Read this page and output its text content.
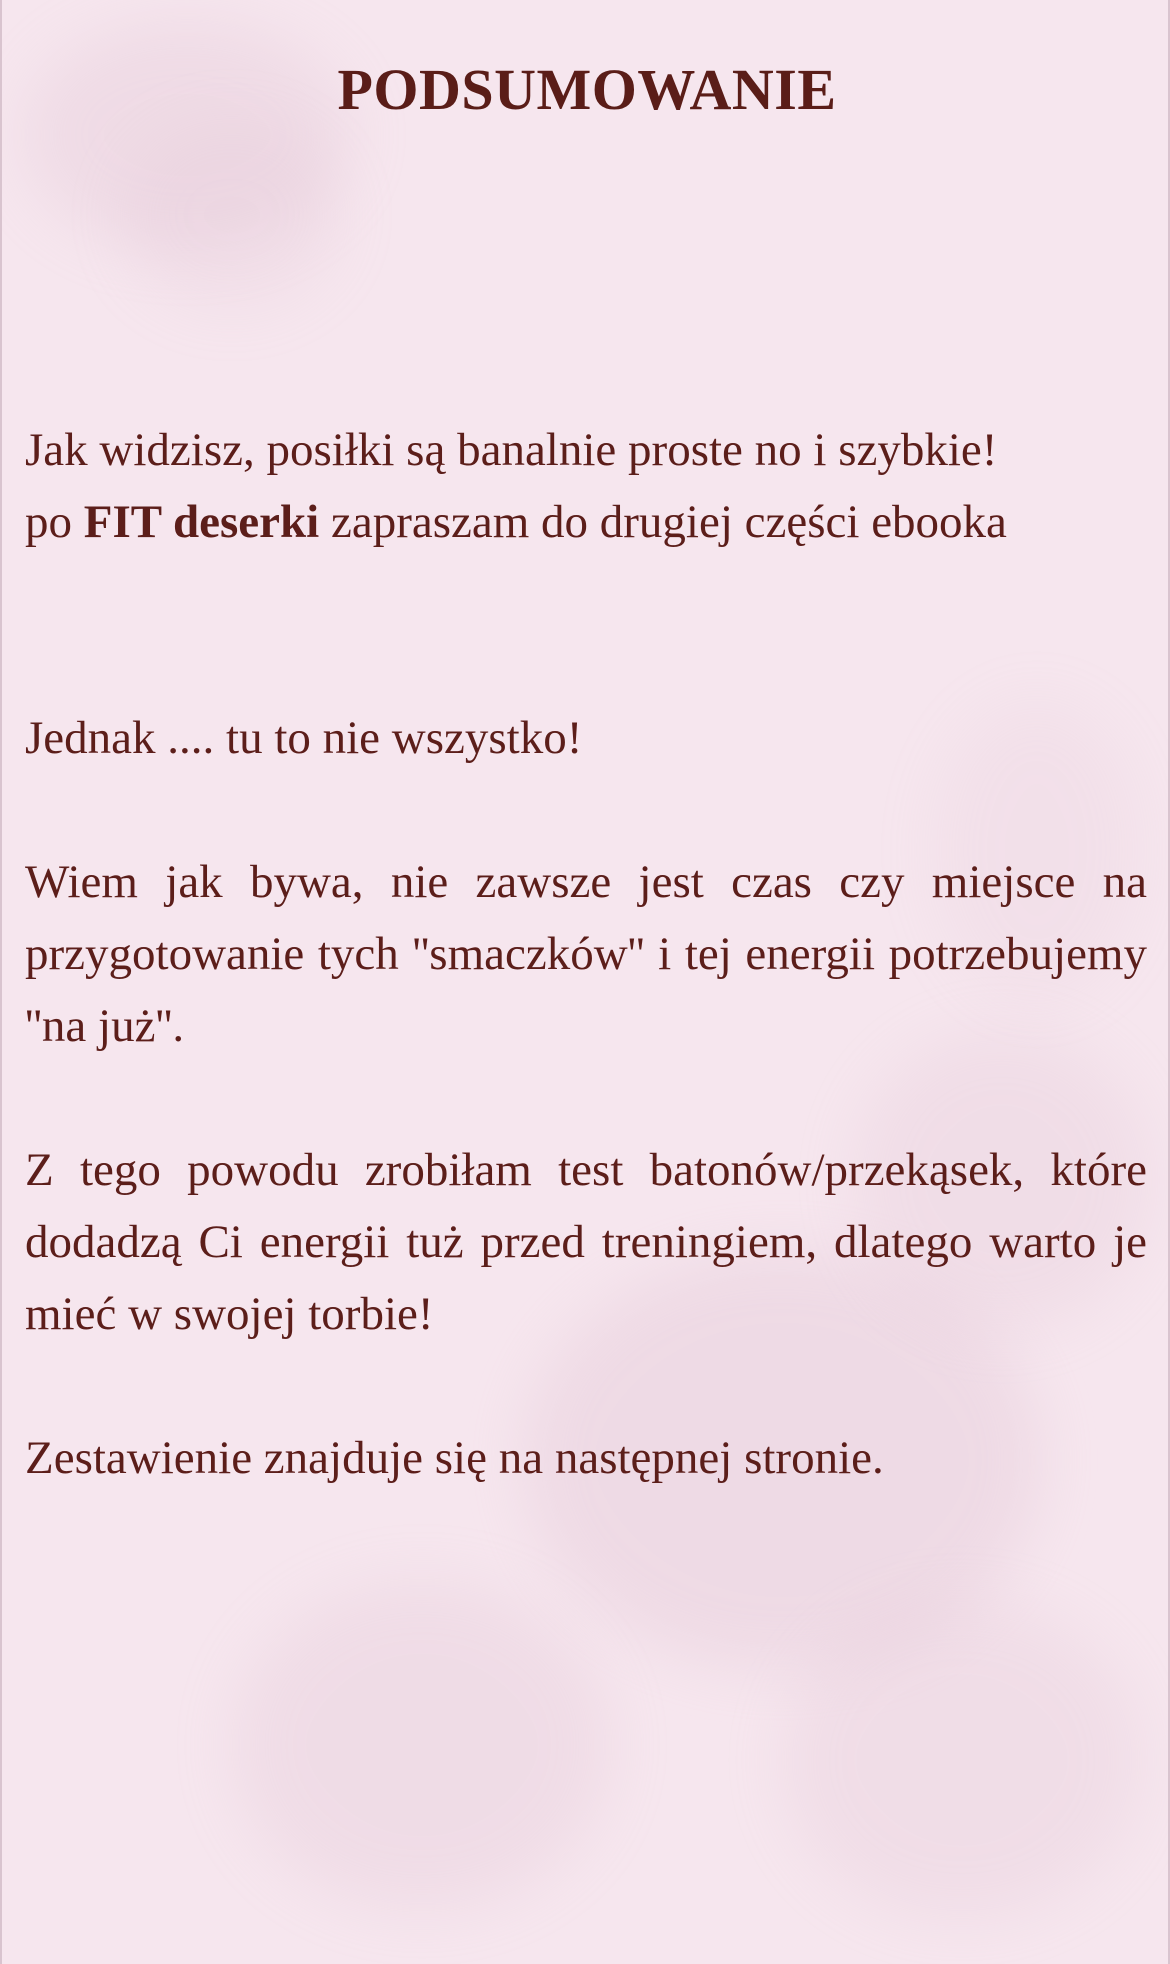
PODSUMOWANIE

Jak widzisz, posiłki są banalnie proste no i szybkie!
po FIT deserki zapraszam do drugiej części ebooka

Jednak .... tu to nie wszystko!

Wiem jak bywa, nie zawsze jest czas czy miejsce na przygotowanie tych ''smaczków'' i tej energii potrzebujemy ''na już''.

Z tego powodu zrobiłam test batonów/przekąsek, które dodadzą Ci energii tuż przed treningiem, dlatego warto je mieć w swojej torbie!

Zestawienie znajduje się na następnej stronie.
